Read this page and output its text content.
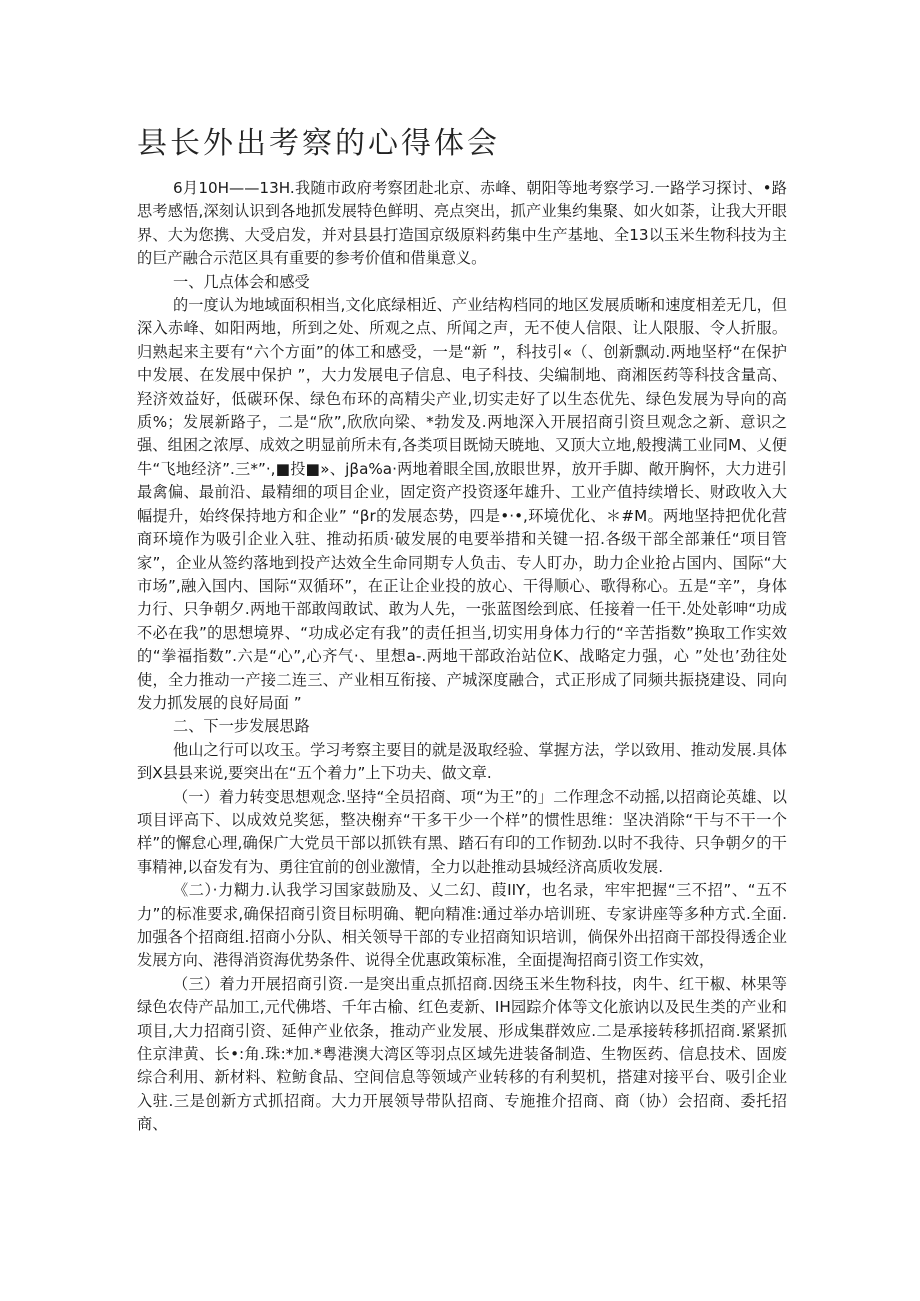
县长外出考察的心得体会

6月10H——13H.我随市政府考察团赴北京、赤峰、朝阳等地考察学习.一路学习探讨、•路思考感悟,深刻认识到各地抓发展特色鲜明、亮点突出，抓产业集约集聚、如火如荼，让我大开眼界、大为您携、大受启发，并对县县打造国京级原料药集中生产基地、全13以玉米生物科技为主的巨产融合示范区具有重要的参考价值和借巢意义。

一、几点体会和感受

的一度认为地域面积相当,文化底绿相近、产业结构档同的地区发展质晰和速度相差无几，但深入赤峰、如阳两地，所到之处、所观之点、所闻之声，无不使人信限、让人限服、令人折服。归熟起来主要有“六个方面”的体工和感受，一是“新 ”，科技引«（、创新飘动.两地坚杼“在保护中发展、在发展中保护 ”，大力发展电子信息、电子科技、尖编制地、商湘医药等科技含量高、羟济效益好，低碳环保、绿色布环的高精尖产业,切实走好了以生态优先、绿色发展为导向的高质%；发展新路子，二是“欣”,欣欣向梁、*勃发及.两地深入开展招商引资旦观念之新、意识之强、组困之浓厚、成效之明显前所未有,各类项目既恸天暁地、又顶大立地,般搜满工业同M、乂便牛“飞地经济”.三*”·,■投■»、jβa%a·两地着眼全国,放眼世界，放开手脚、敞开胸怀，大力进引最禽偏、最前沿、最精细的项目企业，固定资产投资逐年雄升、工业产值持续增长、财政收入大幅提升，始终保持地方和企业” “βr的发展态势，四是•·•,环境优化、＊#Μ。两地坚持把优化营商环境作为吸引企业入驻、推动拓质·破发展的电要举措和关键一招.各级干部全部兼任“项目管家”，企业从签约落地到投产达效全生命同期专人负击、专人盯办，助力企业抢占国内、国际“大市场”,融入国内、国际“双循环”，在正让企业投的放心、干得顺心、歌得称心。五是“辛”，身体力行、只争朝夕.两地干部敢闯敢试、敢为人先，一张蓝图绘到底、任接着一任干.处处彰呻“功成不必在我”的思想境界、“功成必定有我”的责任担当,切实用身体力行的“辛苦指数”换取工作实效的“拳福指数”.六是“心”,心齐气·、里想a-.两地干部政治站位K、战略定力强，心 ”处也’劲往处使，全力推动一产接二连三、产业相互衔接、产城深度融合，式正形成了同频共振挠建设、同向发力抓发展的良好局面 ”

二、下一步发展思路

他山之行可以攻玉。学习考察主要目的就是汲取经验、掌握方法，学以致用、推动发展.具体到X县县来说,要突出在“五个着力”上下功夫、做文章.

（一）着力转变思想观念.坚持“全员招商、项“为王”的」二作理念不动摇,以招商论英雄、以项目评高下、以成效兑奖惩，整决榭弃“干多干少一个样”的惯性思维：坚决消除“干与不干一个样”的懈怠心理,确保广大党员干部以抓铁有黑、踏石有印的工作韧劲.以时不我待、只争朝夕的干事精神,以奋发有为、勇往宜前的创业激情，全力以赴推动县城经济高质收发展.

《二）·力糊力.认我学习国家鼓励及、乂二幻、葭ΙΙY，也名录，牢牢把握“三不招”、“五不力”的标准要求,确保招商引资目标明确、靶向精准:通过举办培训班、专家讲座等多种方式.全面.加强各个招商组.招商小分队、相关领导干部的专业招商知识培训，倘保外出招商干部投得透企业发展方向、港得消资海优势条件、说得全优惠政策标准，全面提淘招商引资工作实效，

（三）着力开展招商引资.一是突出重点抓招商.因绕玉米生物科技，肉牛、红干椒、林果等绿色农侍产品加工,元代佛塔、千年古榆、红色麦新、IH园踪介体等文化旅讷以及民生类的产业和项目,大力招商引资、延伸产业依条，推动产业发展、形成集群效应.二是承接转移抓招商.紧紧抓住京津黄、长•:角.珠:*加.*粤港澳大湾区等羽点区域先进装备制造、生物医药、信息技术、固废综合利用、新材料、粒鲂食品、空间信息等领域产业转移的有利契机，搭建对接平台、吸引企业入驻.三是创新方式抓招商。大力开展领导带队招商、专施推介招商、商（协）会招商、委托招商、
